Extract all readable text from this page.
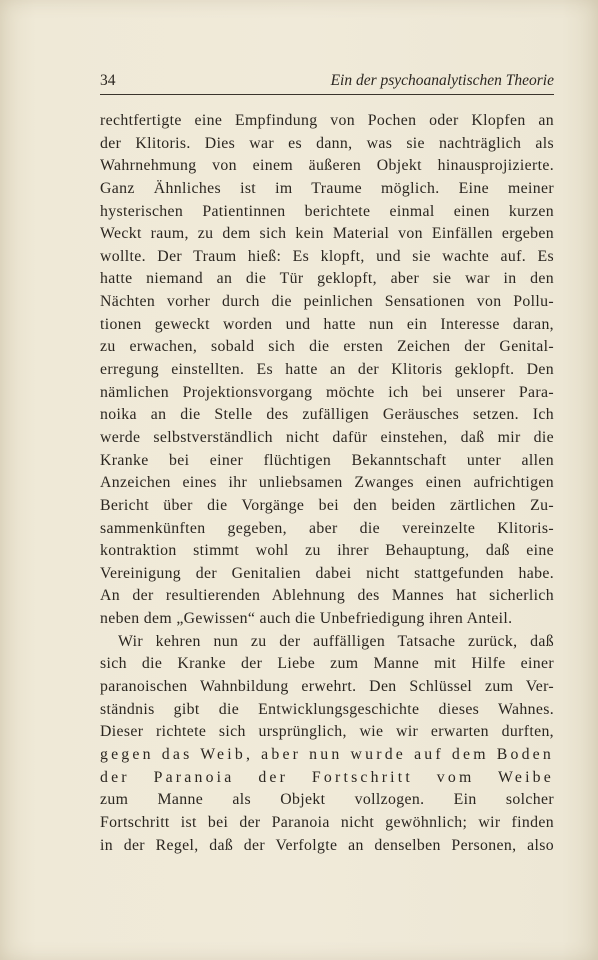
34	Ein der psychoanalytischen Theorie
rechtfertigte eine Empfindung von Pochen oder Klopfen an
der Klitoris. Dies war es dann, was sie nachträglich als
Wahrnehmung von einem äußeren Objekt hinausprojizierte.
Ganz Ähnliches ist im Traume möglich. Eine meiner
hysterischen Patientinnen berichtete einmal einen kurzen
Weckt raum, zu dem sich kein Material von Einfällen ergeben
wollte. Der Traum hieß: Es klopft, und sie wachte auf. Es
hatte niemand an die Tür geklopft, aber sie war in den
Nächten vorher durch die peinlichen Sensationen von Pollu-
tionen geweckt worden und hatte nun ein Interesse daran,
zu erwachen, sobald sich die ersten Zeichen der Genital-
erregung einstellten. Es hatte an der Klitoris geklopft. Den
nämlichen Projektionsvorgang möchte ich bei unserer Para-
noika an die Stelle des zufälligen Geräusches setzen. Ich
werde selbstverständlich nicht dafür einstehen, daß mir die
Kranke bei einer flüchtigen Bekanntschaft unter allen
Anzeichen eines ihr unliebsamen Zwanges einen aufrichtigen
Bericht über die Vorgänge bei den beiden zärtlichen Zu-
sammenkünften gegeben, aber die vereinzelte Klitoris-
kontraktion stimmt wohl zu ihrer Behauptung, daß eine
Vereinigung der Genitalien dabei nicht stattgefunden habe.
An der resultierenden Ablehnung des Mannes hat sicherlich
neben dem „Gewissen“ auch die Unbefriedigung ihren Anteil.
Wir kehren nun zu der auffälligen Tatsache zurück, daß
sich die Kranke der Liebe zum Manne mit Hilfe einer
paranoischen Wahnbildung erwehrt. Den Schlüssel zum Ver-
ständnis gibt die Entwicklungsgeschichte dieses Wahnes.
Dieser richtete sich ursprünglich, wie wir erwarten durften,
gegen das Weib, aber nun wurde auf dem Boden
der Paranoia der Fortschritt vom Weibe
zum Manne als Objekt vollzogen. Ein solcher
Fortschritt ist bei der Paranoia nicht gewöhnlich; wir finden
in der Regel, daß der Verfolgte an denselben Personen, also
